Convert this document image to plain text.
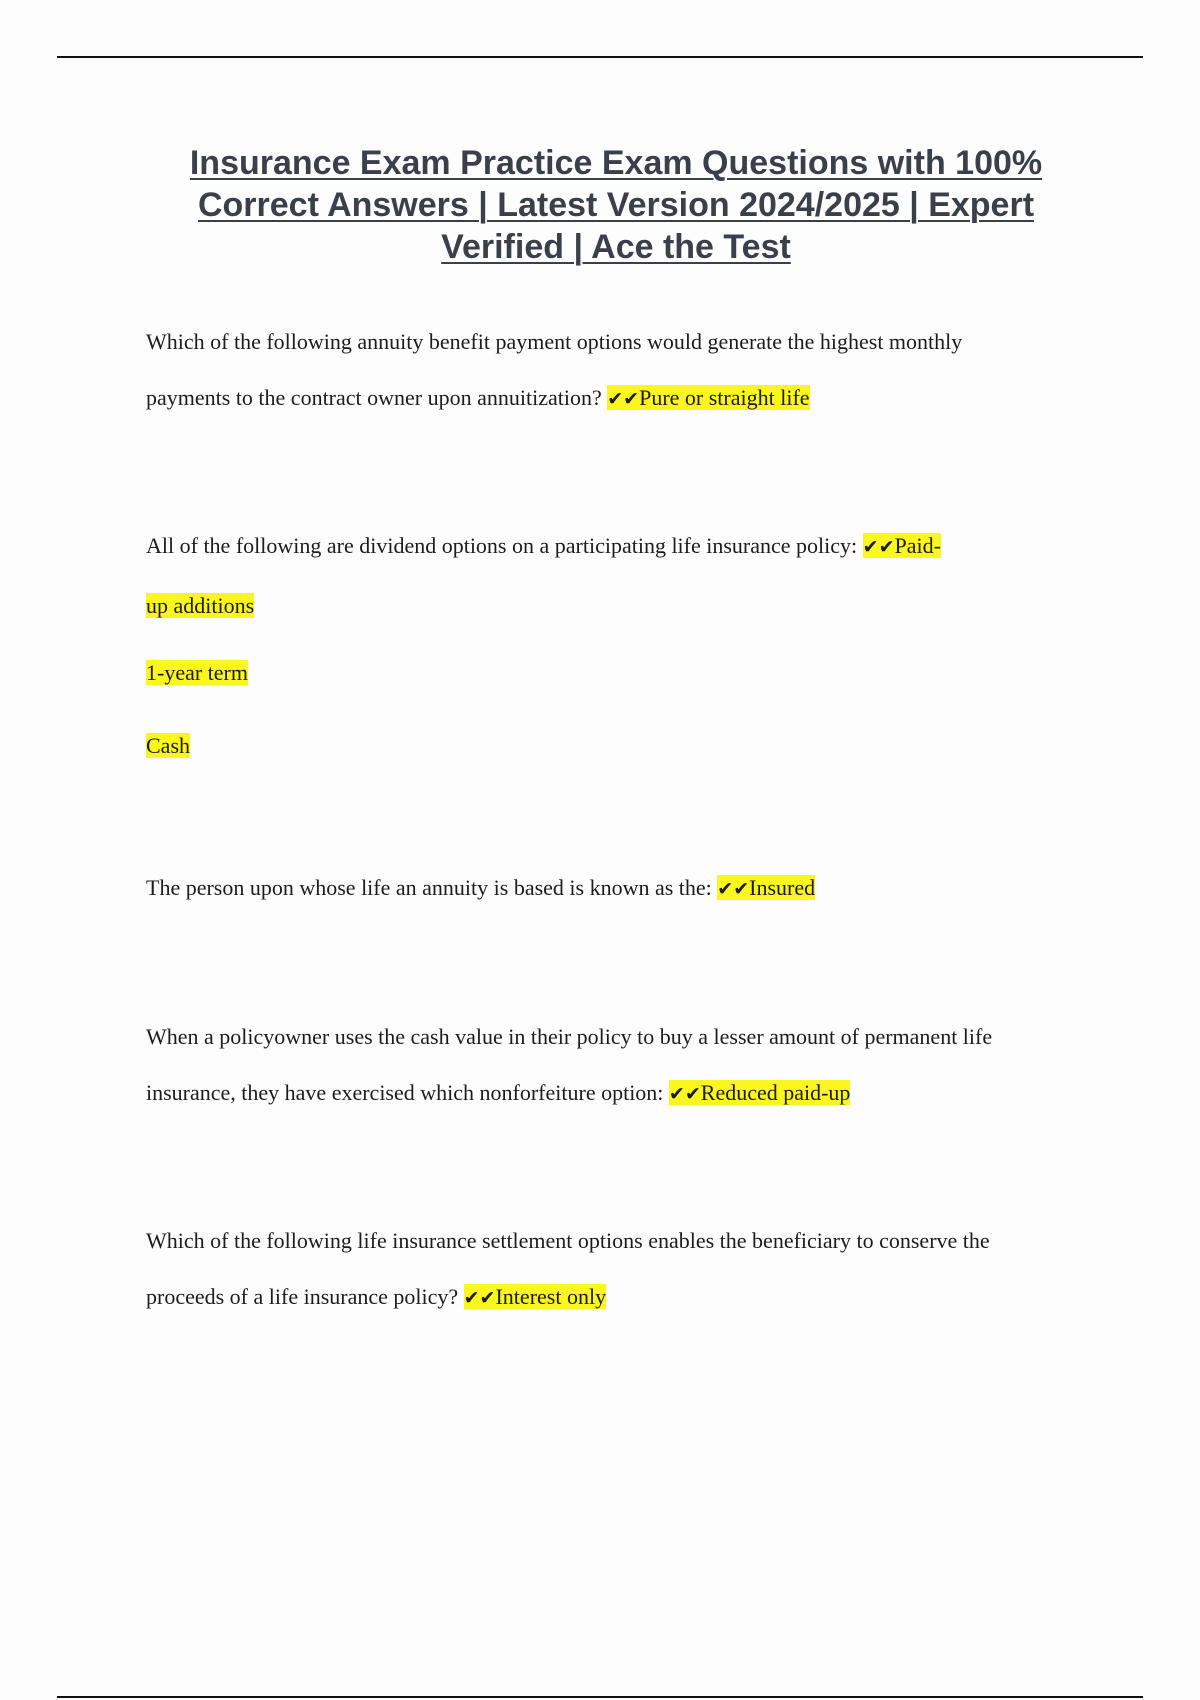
Insurance Exam Practice Exam Questions with 100%
Correct Answers | Latest Version 2024/2025 | Expert
Verified | Ace the Test
Which of the following annuity benefit payment options would generate the highest monthly
payments to the contract owner upon annuitization? ✔✔Pure or straight life
All of the following are dividend options on a participating life insurance policy: ✔✔Paid-
up additions
1-year term
Cash
The person upon whose life an annuity is based is known as the: ✔✔Insured
When a policyowner uses the cash value in their policy to buy a lesser amount of permanent life
insurance, they have exercised which nonforfeiture option: ✔✔Reduced paid-up
Which of the following life insurance settlement options enables the beneficiary to conserve the
proceeds of a life insurance policy? ✔✔Interest only
